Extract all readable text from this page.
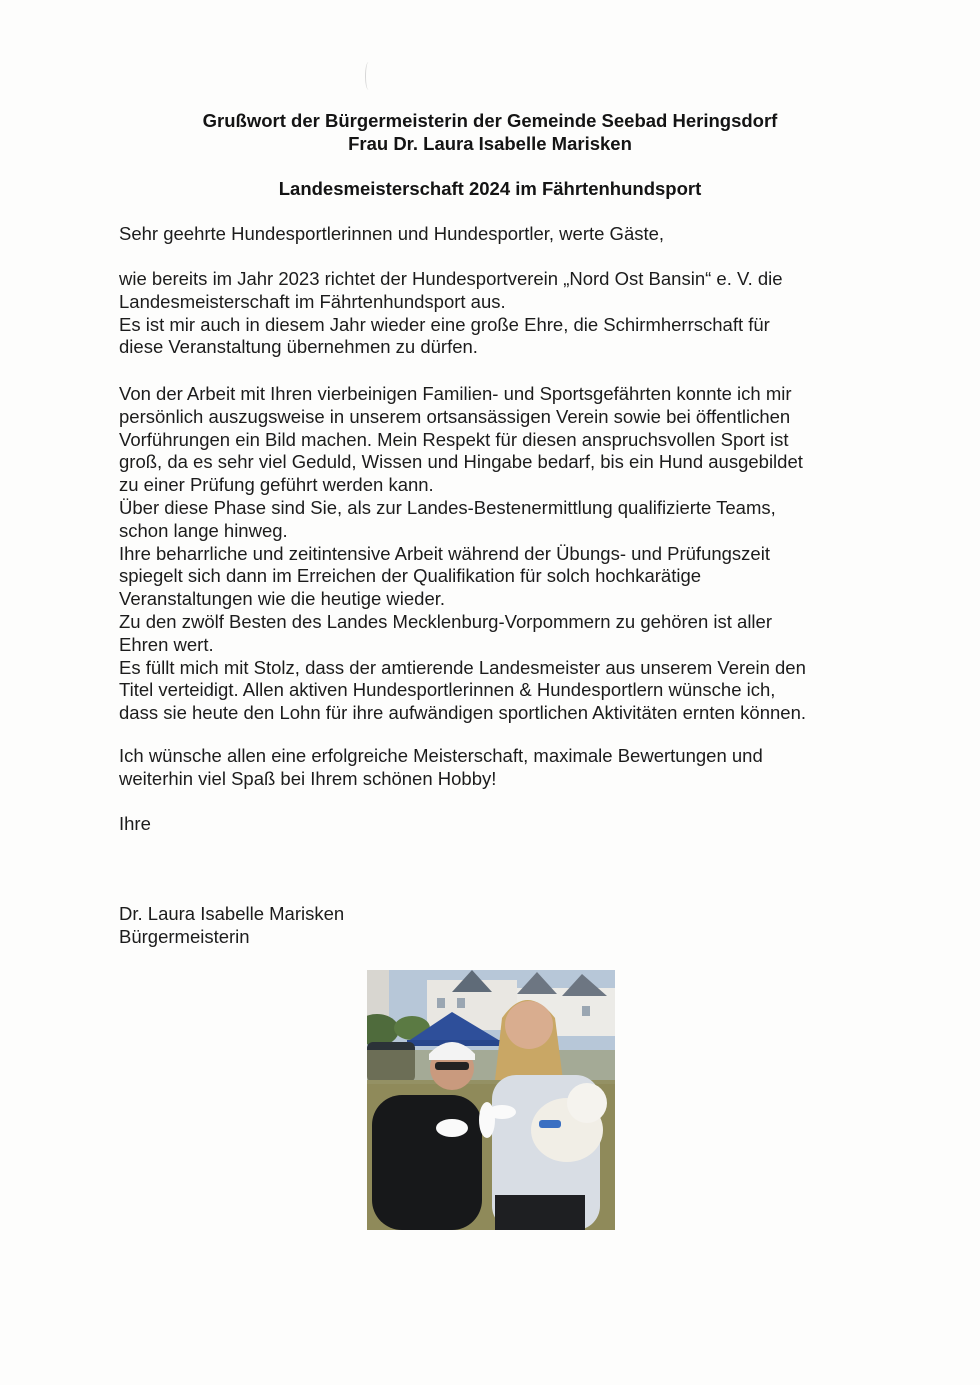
Grußwort der Bürgermeisterin der Gemeinde Seebad Heringsdorf
Frau Dr. Laura Isabelle Marisken
Landesmeisterschaft 2024 im Fährtenhundsport
Sehr geehrte Hundesportlerinnen und Hundesportler, werte Gäste,
wie bereits im Jahr 2023 richtet der Hundesportverein „Nord Ost Bansin“ e. V. die
Landesmeisterschaft im Fährtenhundsport aus.
Es ist mir auch in diesem Jahr wieder eine große Ehre, die Schirmherrschaft für
diese Veranstaltung übernehmen zu dürfen.
Von der Arbeit mit Ihren vierbeinigen Familien- und Sportsgefährten konnte ich mir
persönlich auszugsweise in unserem ortsansässigen Verein sowie bei öffentlichen
Vorführungen ein Bild machen. Mein Respekt für diesen anspruchsvollen Sport ist
groß, da es sehr viel Geduld, Wissen und Hingabe bedarf, bis ein Hund ausgebildet
zu einer Prüfung geführt werden kann.
Über diese Phase sind Sie, als zur Landes-Bestenermittlung qualifizierte Teams,
schon lange hinweg.
Ihre beharrliche und zeitintensive Arbeit während der Übungs- und Prüfungszeit
spiegelt sich dann im Erreichen der Qualifikation für solch hochkarätige
Veranstaltungen wie die heutige wieder.
Zu den zwölf Besten des Landes Mecklenburg-Vorpommern zu gehören ist aller
Ehren wert.
Es füllt mich mit Stolz, dass der amtierende Landesmeister aus unserem Verein den
Titel verteidigt. Allen aktiven Hundesportlerinnen & Hundesportlern wünsche ich,
dass sie heute den Lohn für ihre aufwändigen sportlichen Aktivitäten ernten können.
Ich wünsche allen eine erfolgreiche Meisterschaft, maximale Bewertungen und
weiterhin viel Spaß bei Ihrem schönen Hobby!
Ihre
Dr. Laura Isabelle Marisken
Bürgermeisterin
